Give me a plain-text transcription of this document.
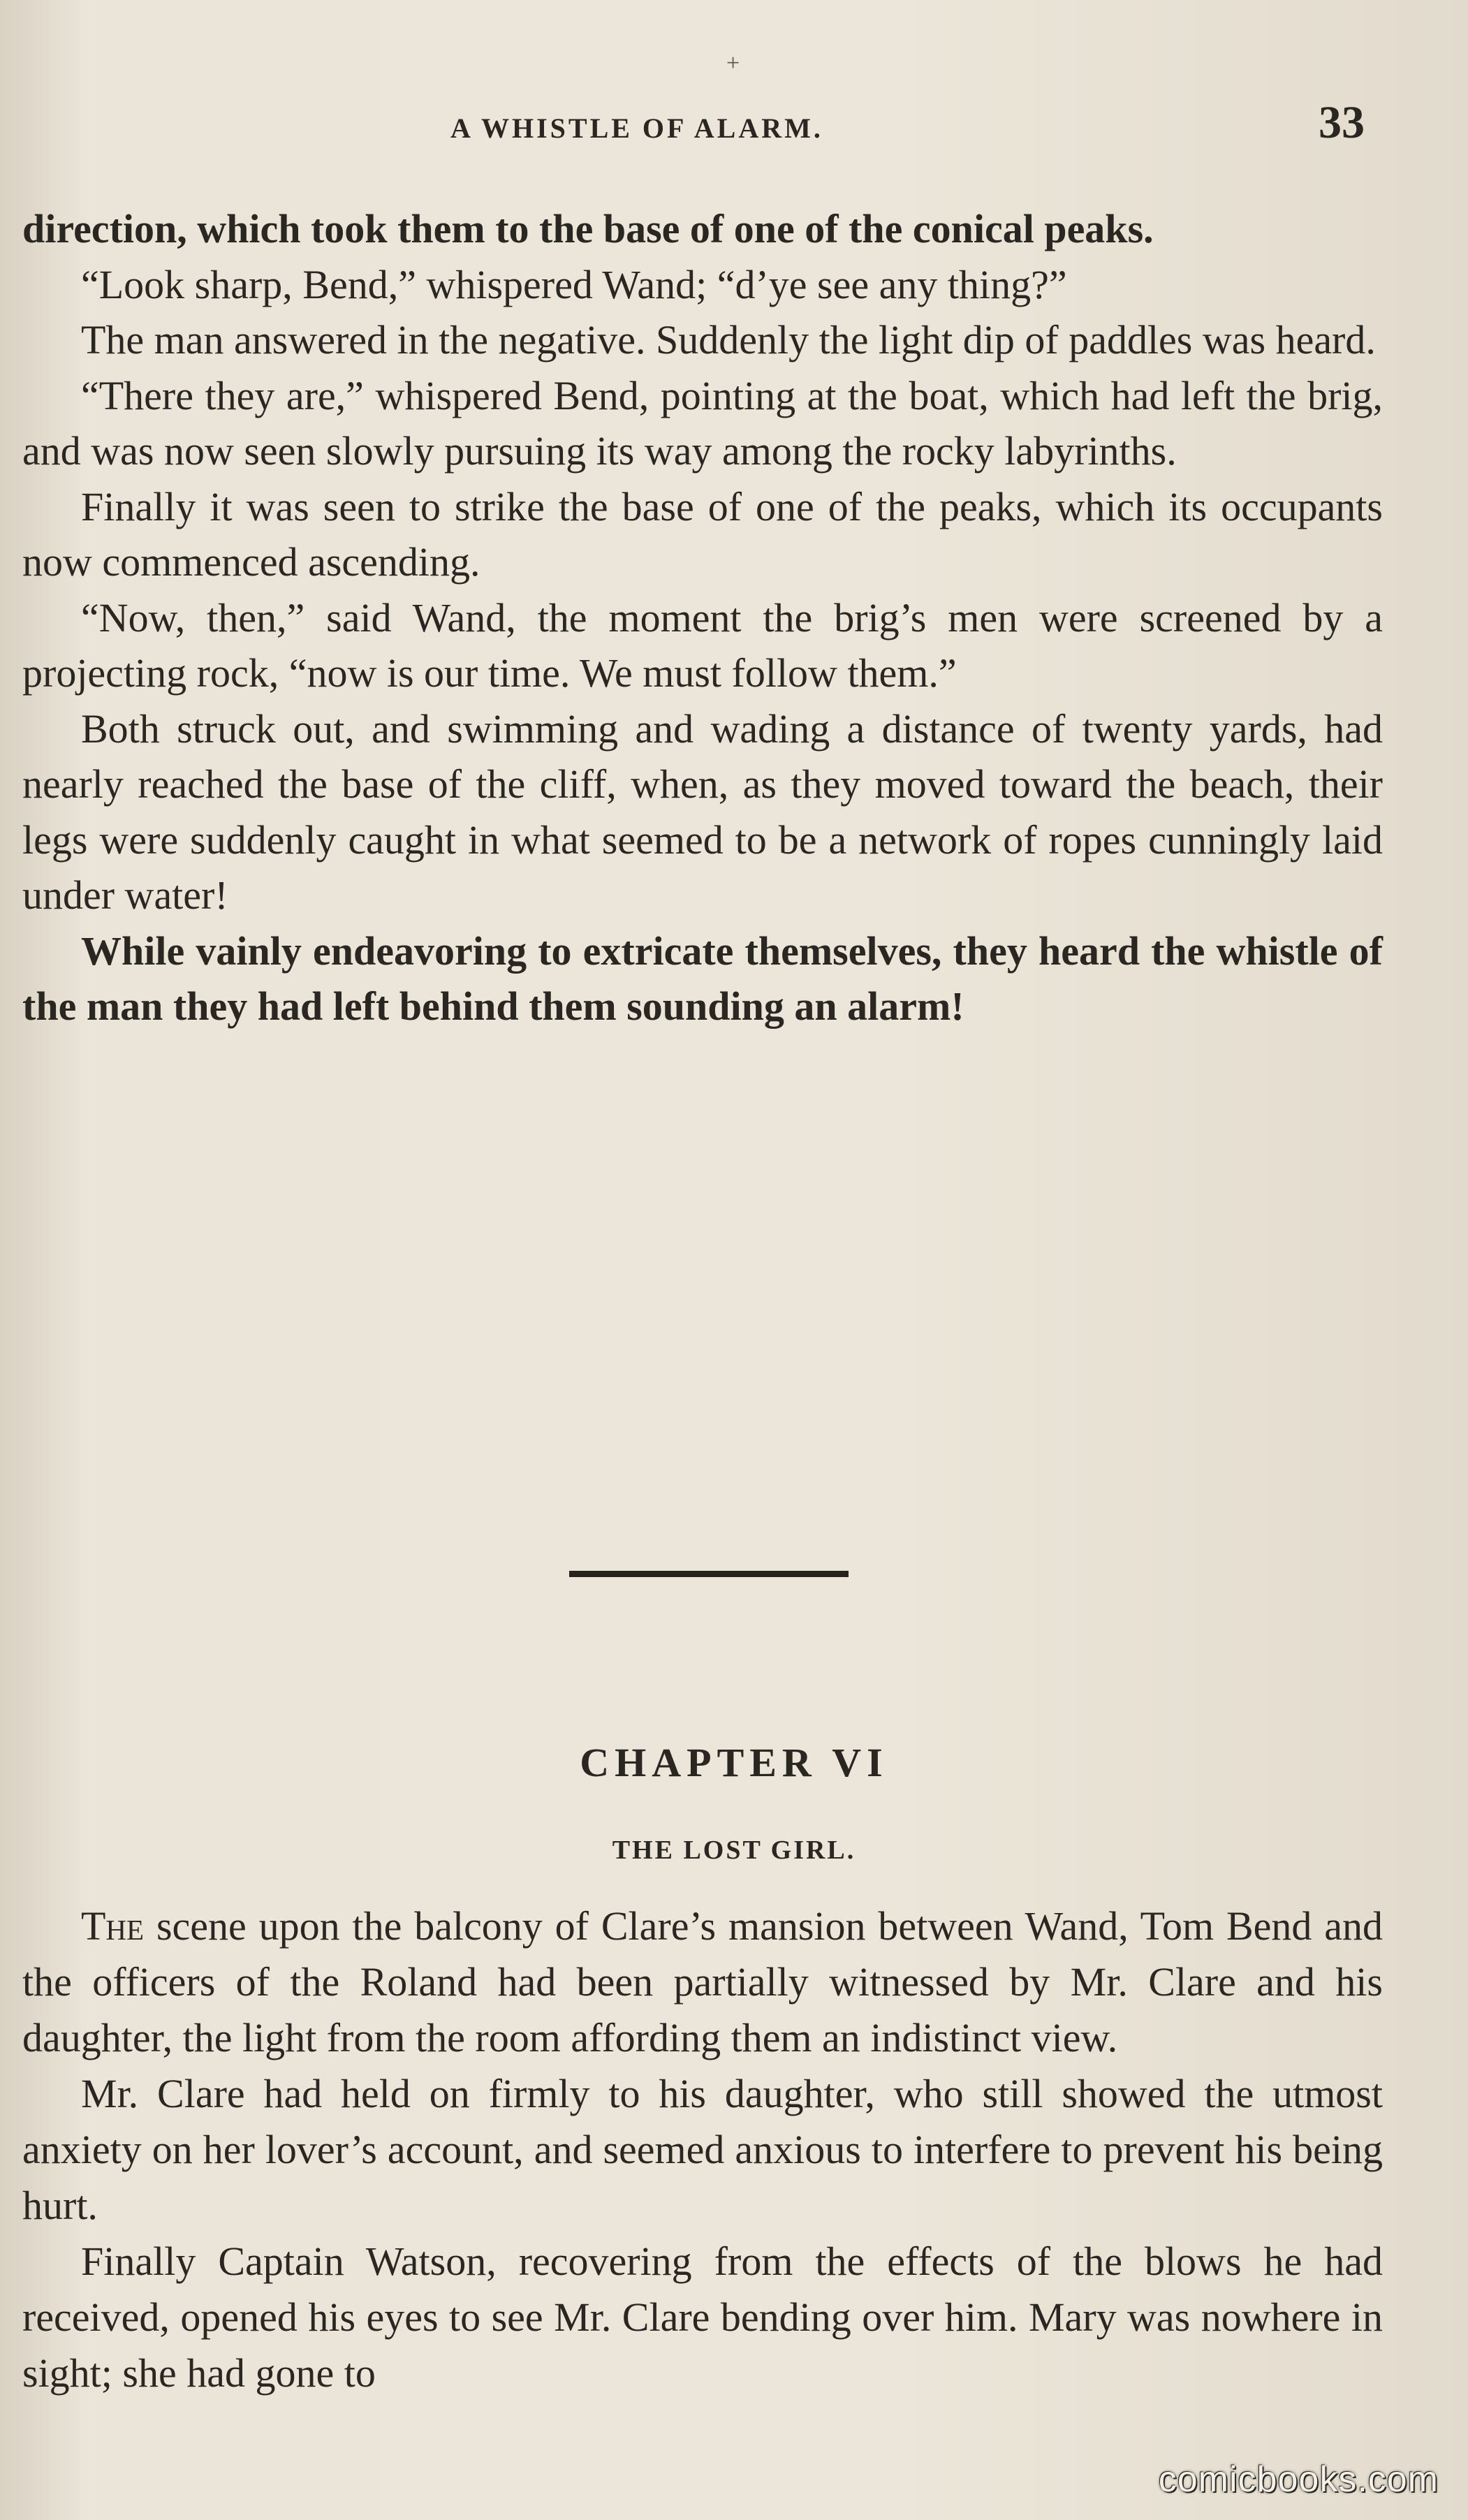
+
A WHISTLE OF ALARM.	33

direction, which took them to the base of one of the conical peaks.

“Look sharp, Bend,” whispered Wand; “d’ye see any thing?”

The man answered in the negative. Suddenly the light dip of paddles was heard.

“There they are,” whispered Bend, pointing at the boat, which had left the brig, and was now seen slowly pursuing its way among the rocky labyrinths.

Finally it was seen to strike the base of one of the peaks, which its occupants now commenced ascending.

“Now, then,” said Wand, the moment the brig’s men were screened by a projecting rock, “now is our time. We must follow them.”

Both struck out, and swimming and wading a distance of twenty yards, had nearly reached the base of the cliff, when, as they moved toward the beach, their legs were suddenly caught in what seemed to be a network of ropes cunningly laid under water!

While vainly endeavoring to extricate themselves, they heard the whistle of the man they had left behind them sounding an alarm!

CHAPTER VI
THE LOST GIRL.

The scene upon the balcony of Clare’s mansion between Wand, Tom Bend and the officers of the Roland had been partially witnessed by Mr. Clare and his daughter, the light from the room affording them an indistinct view.

Mr. Clare had held on firmly to his daughter, who still showed the utmost anxiety on her lover’s account, and seemed anxious to interfere to prevent his being hurt.

Finally Captain Watson, recovering from the effects of the blows he had received, opened his eyes to see Mr. Clare bending over him. Mary was nowhere in sight; she had gone to

comicbooks.com
